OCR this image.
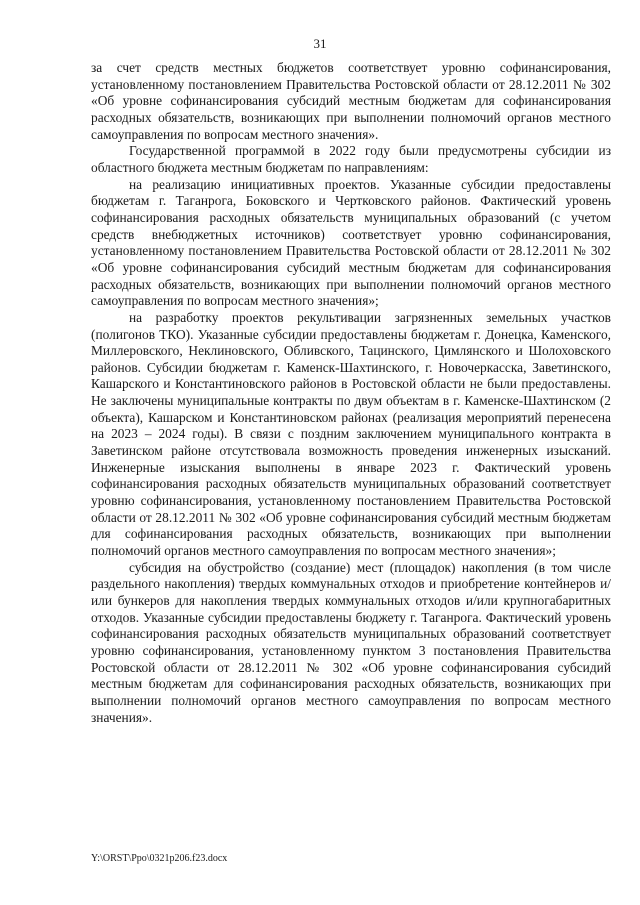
31

за счет средств местных бюджетов соответствует уровню софинансирования, установленному постановлением Правительства Ростовской области от 28.12.2011 № 302 «Об уровне софинансирования субсидий местным бюджетам для софинансирования расходных обязательств, возникающих при выполнении полномочий органов местного самоуправления по вопросам местного значения».

Государственной программой в 2022 году были предусмотрены субсидии из областного бюджета местным бюджетам по направлениям:

на реализацию инициативных проектов. Указанные субсидии предоставлены бюджетам г. Таганрога, Боковского и Чертковского районов. Фактический уровень софинансирования расходных обязательств муниципальных образований (с учетом средств внебюджетных источников) соответствует уровню софинансирования, установленному постановлением Правительства Ростовской области от 28.12.2011 № 302 «Об уровне софинансирования субсидий местным бюджетам для софинансирования расходных обязательств, возникающих при выполнении полномочий органов местного самоуправления по вопросам местного значения»;

на разработку проектов рекультивации загрязненных земельных участков (полигонов ТКО). Указанные субсидии предоставлены бюджетам г. Донецка, Каменского, Миллеровского, Неклиновского, Обливского, Тацинского, Цимлянского и Шолоховского районов. Субсидии бюджетам г. Каменск-Шахтинского, г. Новочеркасска, Заветинского, Кашарского и Константиновского районов в Ростовской области не были предоставлены. Не заключены муниципальные контракты по двум объектам в г. Каменске-Шахтинском (2 объекта), Кашарском и Константиновском районах (реализация мероприятий перенесена на 2023 – 2024 годы). В связи с поздним заключением муниципального контракта в Заветинском районе отсутствовала возможность проведения инженерных изысканий. Инженерные изыскания выполнены в январе 2023 г. Фактический уровень софинансирования расходных обязательств муниципальных образований соответствует уровню софинансирования, установленному постановлением Правительства Ростовской области от 28.12.2011 № 302 «Об уровне софинансирования субсидий местным бюджетам для софинансирования расходных обязательств, возникающих при выполнении полномочий органов местного самоуправления по вопросам местного значения»;

субсидия на обустройство (создание) мест (площадок) накопления (в том числе раздельного накопления) твердых коммунальных отходов и приобретение контейнеров и/или бункеров для накопления твердых коммунальных отходов и/или крупногабаритных отходов. Указанные субсидии предоставлены бюджету г. Таганрога. Фактический уровень софинансирования расходных обязательств муниципальных образований соответствует уровню софинансирования, установленному пунктом 3 постановления Правительства Ростовской области от 28.12.2011 № 302 «Об уровне софинансирования субсидий местным бюджетам для софинансирования расходных обязательств, возникающих при выполнении полномочий органов местного самоуправления по вопросам местного значения».

Y:\ORST\Ppo\0321p206.f23.docx
